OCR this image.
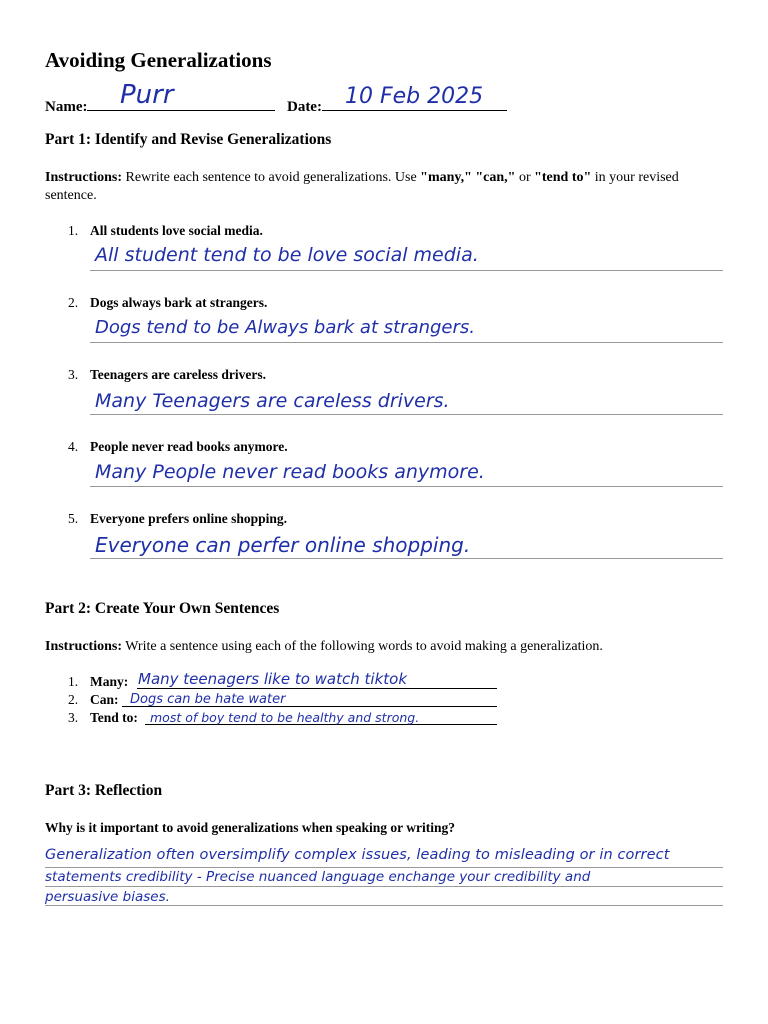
Avoiding Generalizations
Name:	Date:
Purr	10 Feb 2025
Part 1: Identify and Revise Generalizations
Instructions: Rewrite each sentence to avoid generalizations. Use "many," "can," or "tend to" in your revised sentence.
1. All students love social media.
All student tend to be love social media.
2. Dogs always bark at strangers.
Dogs tend to be Always bark at strangers.
3. Teenagers are careless drivers.
Many Teenagers are careless drivers.
4. People never read books anymore.
Many People never read books anymore.
5. Everyone prefers online shopping.
Everyone can perfer online shopping.
Part 2: Create Your Own Sentences
Instructions: Write a sentence using each of the following words to avoid making a generalization.
1. Many: Many teenagers like to watch tiktok
2. Can: Dogs can be hate water
3. Tend to: most of boy tend to be healthy and strong.
Part 3: Reflection
Why is it important to avoid generalizations when speaking or writing?
Generalization often oversimplify complex issues, leading to misleading or in correct
statements credibility - Precise nuanced language enchange your credibility and
persuasive biases.
